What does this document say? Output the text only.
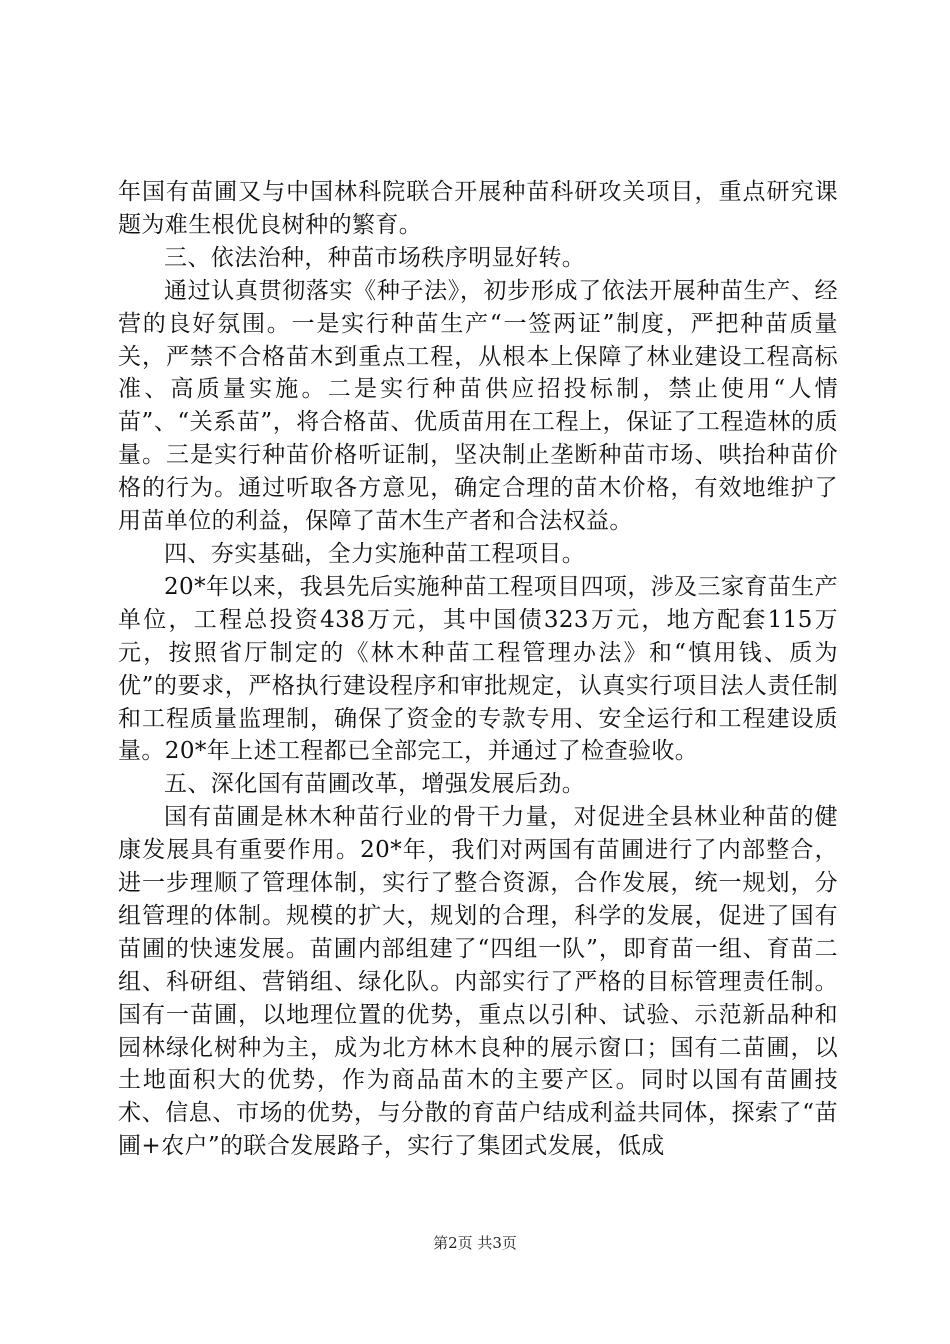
年国有苗圃又与中国林科院联合开展种苗科研攻关项目，重点研究课题为难生根优良树种的繁育。

三、依法治种，种苗市场秩序明显好转。

通过认真贯彻落实《种子法》，初步形成了依法开展种苗生产、经营的良好氛围。一是实行种苗生产“一签两证”制度，严把种苗质量关，严禁不合格苗木到重点工程，从根本上保障了林业建设工程高标准、高质量实施。二是实行种苗供应招投标制，禁止使用“人情苗”、“关系苗”，将合格苗、优质苗用在工程上，保证了工程造林的质量。三是实行种苗价格听证制，坚决制止垄断种苗市场、哄抬种苗价格的行为。通过听取各方意见，确定合理的苗木价格，有效地维护了用苗单位的利益，保障了苗木生产者和合法权益。

四、夯实基础，全力实施种苗工程项目。

20*年以来，我县先后实施种苗工程项目四项，涉及三家育苗生产单位，工程总投资438万元，其中国债323万元，地方配套115万元，按照省厅制定的《林木种苗工程管理办法》和“慎用钱、质为优”的要求，严格执行建设程序和审批规定，认真实行项目法人责任制和工程质量监理制，确保了资金的专款专用、安全运行和工程建设质量。20*年上述工程都已全部完工，并通过了检查验收。

五、深化国有苗圃改革，增强发展后劲。

国有苗圃是林木种苗行业的骨干力量，对促进全县林业种苗的健康发展具有重要作用。20*年，我们对两国有苗圃进行了内部整合，进一步理顺了管理体制，实行了整合资源，合作发展，统一规划，分组管理的体制。规模的扩大，规划的合理，科学的发展，促进了国有苗圃的快速发展。苗圃内部组建了“四组一队”，即育苗一组、育苗二组、科研组、营销组、绿化队。内部实行了严格的目标管理责任制。国有一苗圃，以地理位置的优势，重点以引种、试验、示范新品种和园林绿化树种为主，成为北方林木良种的展示窗口；国有二苗圃，以土地面积大的优势，作为商品苗木的主要产区。同时以国有苗圃技术、信息、市场的优势，与分散的育苗户结成利益共同体，探索了“苗圃+农户”的联合发展路子，实行了集团式发展，低成

第2页 共3页
